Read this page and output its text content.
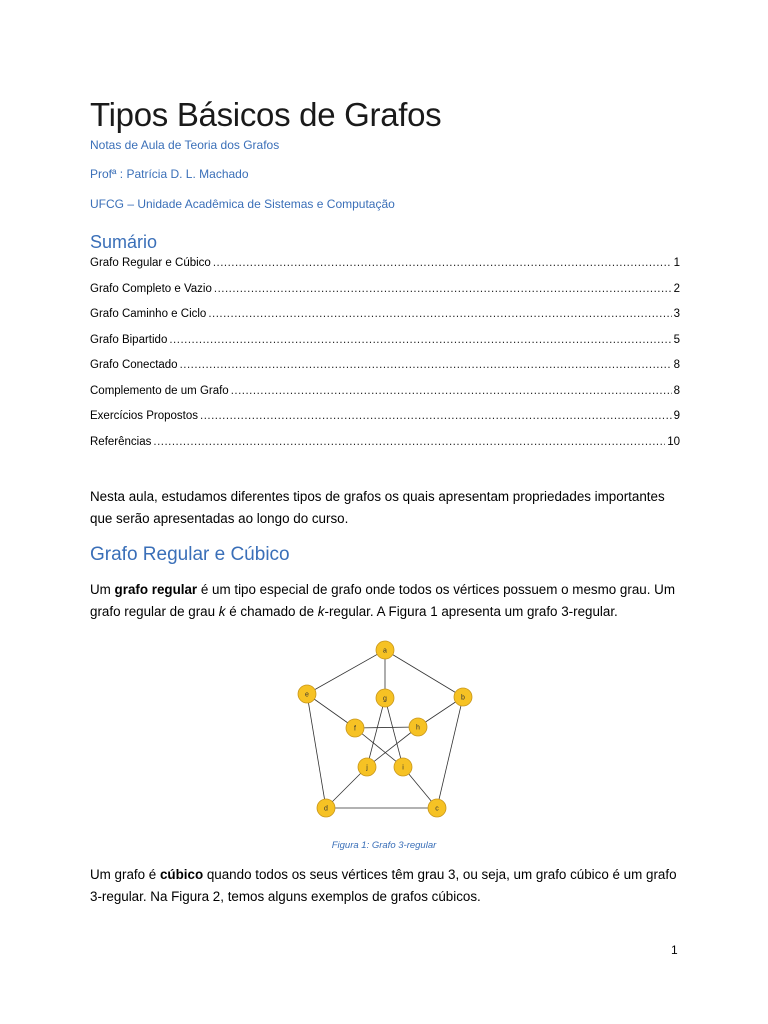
Tipos Básicos de Grafos
Notas de Aula de Teoria dos Grafos
Profª : Patrícia D. L. Machado
UFCG – Unidade Acadêmica de Sistemas e Computação
Sumário
Grafo Regular e Cúbico .....	1
Grafo Completo e Vazio .....	2
Grafo Caminho e Ciclo .....	3
Grafo Bipartido .....	5
Grafo Conectado .....	8
Complemento de um Grafo .....	8
Exercícios Propostos .....	9
Referências .....	10
Nesta aula, estudamos diferentes tipos de grafos os quais apresentam propriedades importantes que serão apresentadas ao longo do curso.
Grafo Regular e Cúbico
Um grafo regular é um tipo especial de grafo onde todos os vértices possuem o mesmo grau. Um grafo regular de grau k é chamado de k-regular. A Figura 1 apresenta um grafo 3-regular.
a
b
c
d
e
f
g
h
i
j
Figura 1: Grafo 3-regular
Um grafo é cúbico quando todos os seus vértices têm grau 3, ou seja, um grafo cúbico é um grafo 3-regular. Na Figura 2, temos alguns exemplos de grafos cúbicos.
1
